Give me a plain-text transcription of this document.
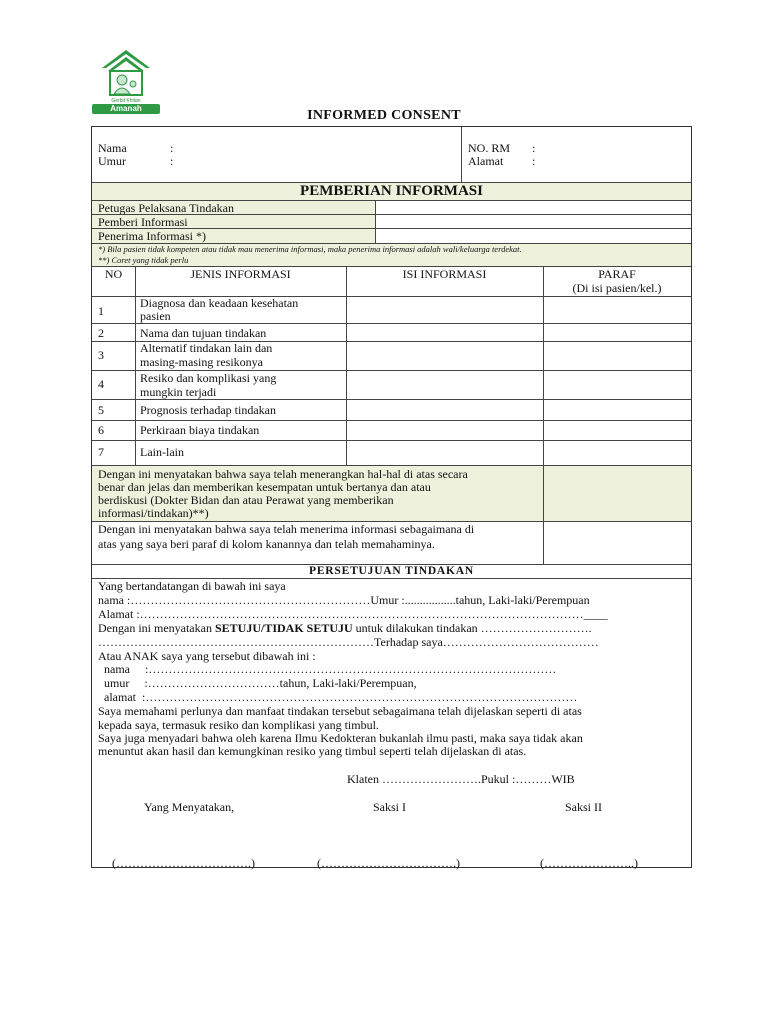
Gerbit Khitan
Amanah	INFORMED CONSENT
Nama	:
Umur	:
NO. RM :
Alamat :
PEMBERIAN INFORMASI
Petugas Pelaksana Tindakan
Pemberi Informasi
Penerima Informasi *)
*) Bila pasien tidak kompeten atau tidak mau menerima informasi, maka penerima informasi adalah wali/keluarga terdekat.
**) Coret yang tidak perlu
NO	JENIS INFORMASI	ISI INFORMASI	PARAF
(Di isi pasien/kel.)
1
Diagnosa dan keadaan kesehatan
pasien
2	Nama dan tujuan tindakan
3	Alternatif tindakan lain dan
masing-masing resikonya
4	Resiko dan komplikasi yang
mungkin terjadi
5	Prognosis terhadap tindakan
6	Perkiraan biaya tindakan
7	Lain-lain
Dengan ini menyatakan bahwa saya telah menerangkan hal-hal di atas secara
benar dan jelas dan memberikan kesempatan untuk bertanya dan atau
berdiskusi (Dokter Bidan dan atau Perawat yang memberikan
informasi/tindakan)**)
Dengan ini menyatakan bahwa saya telah menerima informasi sebagaimana di
atas yang saya beri paraf di kolom kanannya dan telah memahaminya.
PERSETUJUAN TINDAKAN
Yang bertandatangan di bawah ini saya
nama :……………………………………………………Umur :.................tahun, Laki-laki/Perempuan
Alamat :…………………………………………………………………………………………………____
Dengan ini menyatakan SETUJU/TIDAK SETUJU untuk dilakukan tindakan ……………………….
……………………………………………………………Terhadap saya…………………………………
Atau ANAK saya yang tersebut dibawah ini :
nama     :…………………………………………………………………………………………
umur     :……………………………tahun, Laki-laki/Perempuan,
alamat  :………………………………………………………………………………………………
Saya memahami perlunya dan manfaat tindakan tersebut sebagaimana telah dijelaskan seperti di atas
kepada saya, termasuk resiko dan komplikasi yang timbul.
Saya juga menyadari bahwa oleh karena Ilmu Kedokteran bukanlah ilmu pasti, maka saya tidak akan
menuntut akan hasil dan kemungkinan resiko yang timbul seperti telah dijelaskan di atas.
Klaten …………………….Pukul :………WIB
Yang Menyatakan,	Saksi I	Saksi II
(…………………………….)	(…………………………….)	(…………………..)
